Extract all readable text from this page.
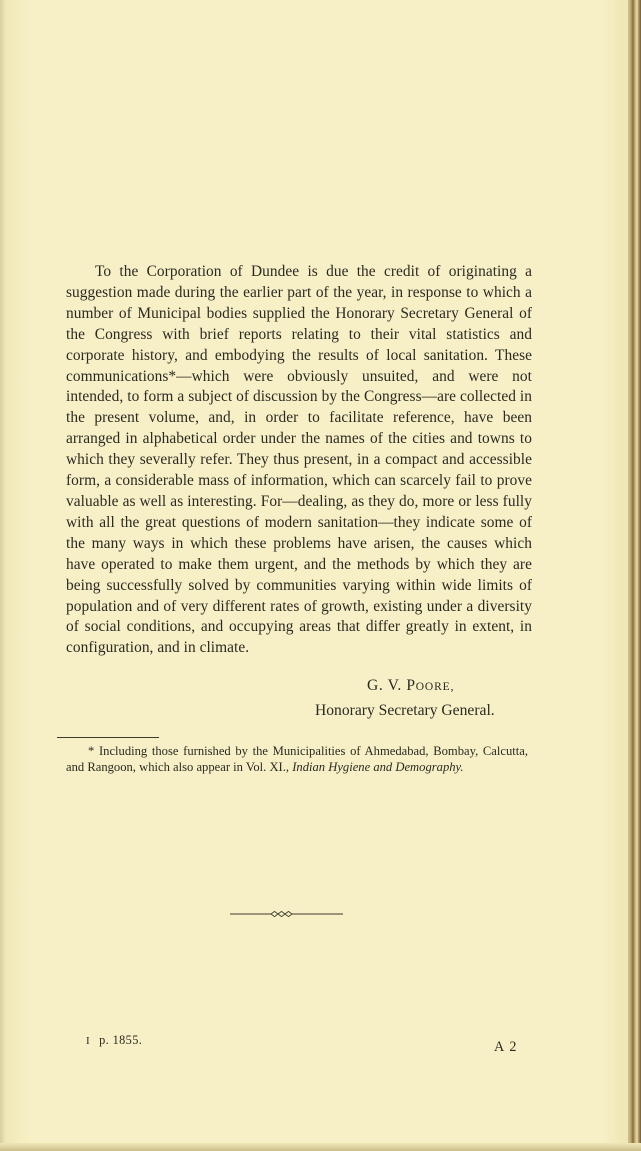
To the Corporation of Dundee is due the credit of originating a suggestion made during the earlier part of the year, in response to which a number of Municipal bodies supplied the Honorary Secretary General of the Congress with brief reports relating to their vital statistics and corporate history, and embodying the results of local sanitation. These communications*—which were obviously unsuited, and were not intended, to form a subject of discussion by the Congress—are collected in the present volume, and, in order to facilitate reference, have been arranged in alphabetical order under the names of the cities and towns to which they severally refer. They thus present, in a compact and accessible form, a considerable mass of information, which can scarcely fail to prove valuable as well as interesting. For—dealing, as they do, more or less fully with all the great questions of modern sanitation—they indicate some of the many ways in which these problems have arisen, the causes which have operated to make them urgent, and the methods by which they are being successfully solved by communities varying within wide limits of population and of very different rates of growth, existing under a diversity of social conditions, and occupying areas that differ greatly in extent, in configuration, and in climate.

G. V. POORE,

Honorary Secretary General.

* Including those furnished by the Municipalities of Ahmedabad, Bombay, Calcutta, and Rangoon, which also appear in Vol. XI., Indian Hygiene and Demography.

I p. 1855.	A 2
